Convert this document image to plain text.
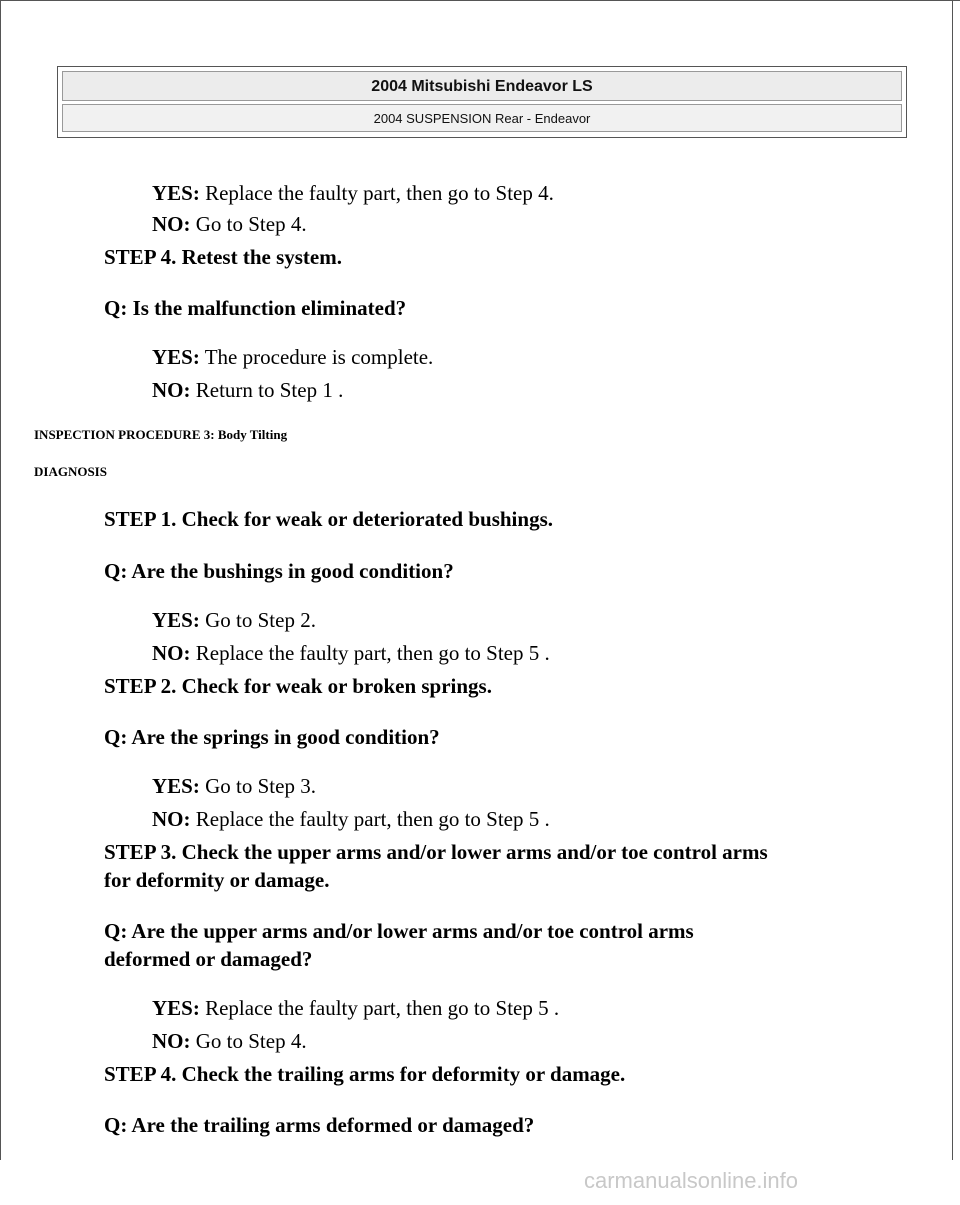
2004 Mitsubishi Endeavor LS
2004 SUSPENSION Rear - Endeavor
YES: Replace the faulty part, then go to Step 4.
NO: Go to Step 4.
STEP 4. Retest the system.
Q: Is the malfunction eliminated?
YES: The procedure is complete.
NO: Return to Step 1 .
INSPECTION PROCEDURE 3: Body Tilting
DIAGNOSIS
STEP 1. Check for weak or deteriorated bushings.
Q: Are the bushings in good condition?
YES: Go to Step 2.
NO: Replace the faulty part, then go to Step 5 .
STEP 2. Check for weak or broken springs.
Q: Are the springs in good condition?
YES: Go to Step 3.
NO: Replace the faulty part, then go to Step 5 .
STEP 3. Check the upper arms and/or lower arms and/or toe control arms
for deformity or damage.
Q: Are the upper arms and/or lower arms and/or toe control arms
deformed or damaged?
YES: Replace the faulty part, then go to Step 5 .
NO: Go to Step 4.
STEP 4. Check the trailing arms for deformity or damage.
Q: Are the trailing arms deformed or damaged?
carmanualsonline.info
